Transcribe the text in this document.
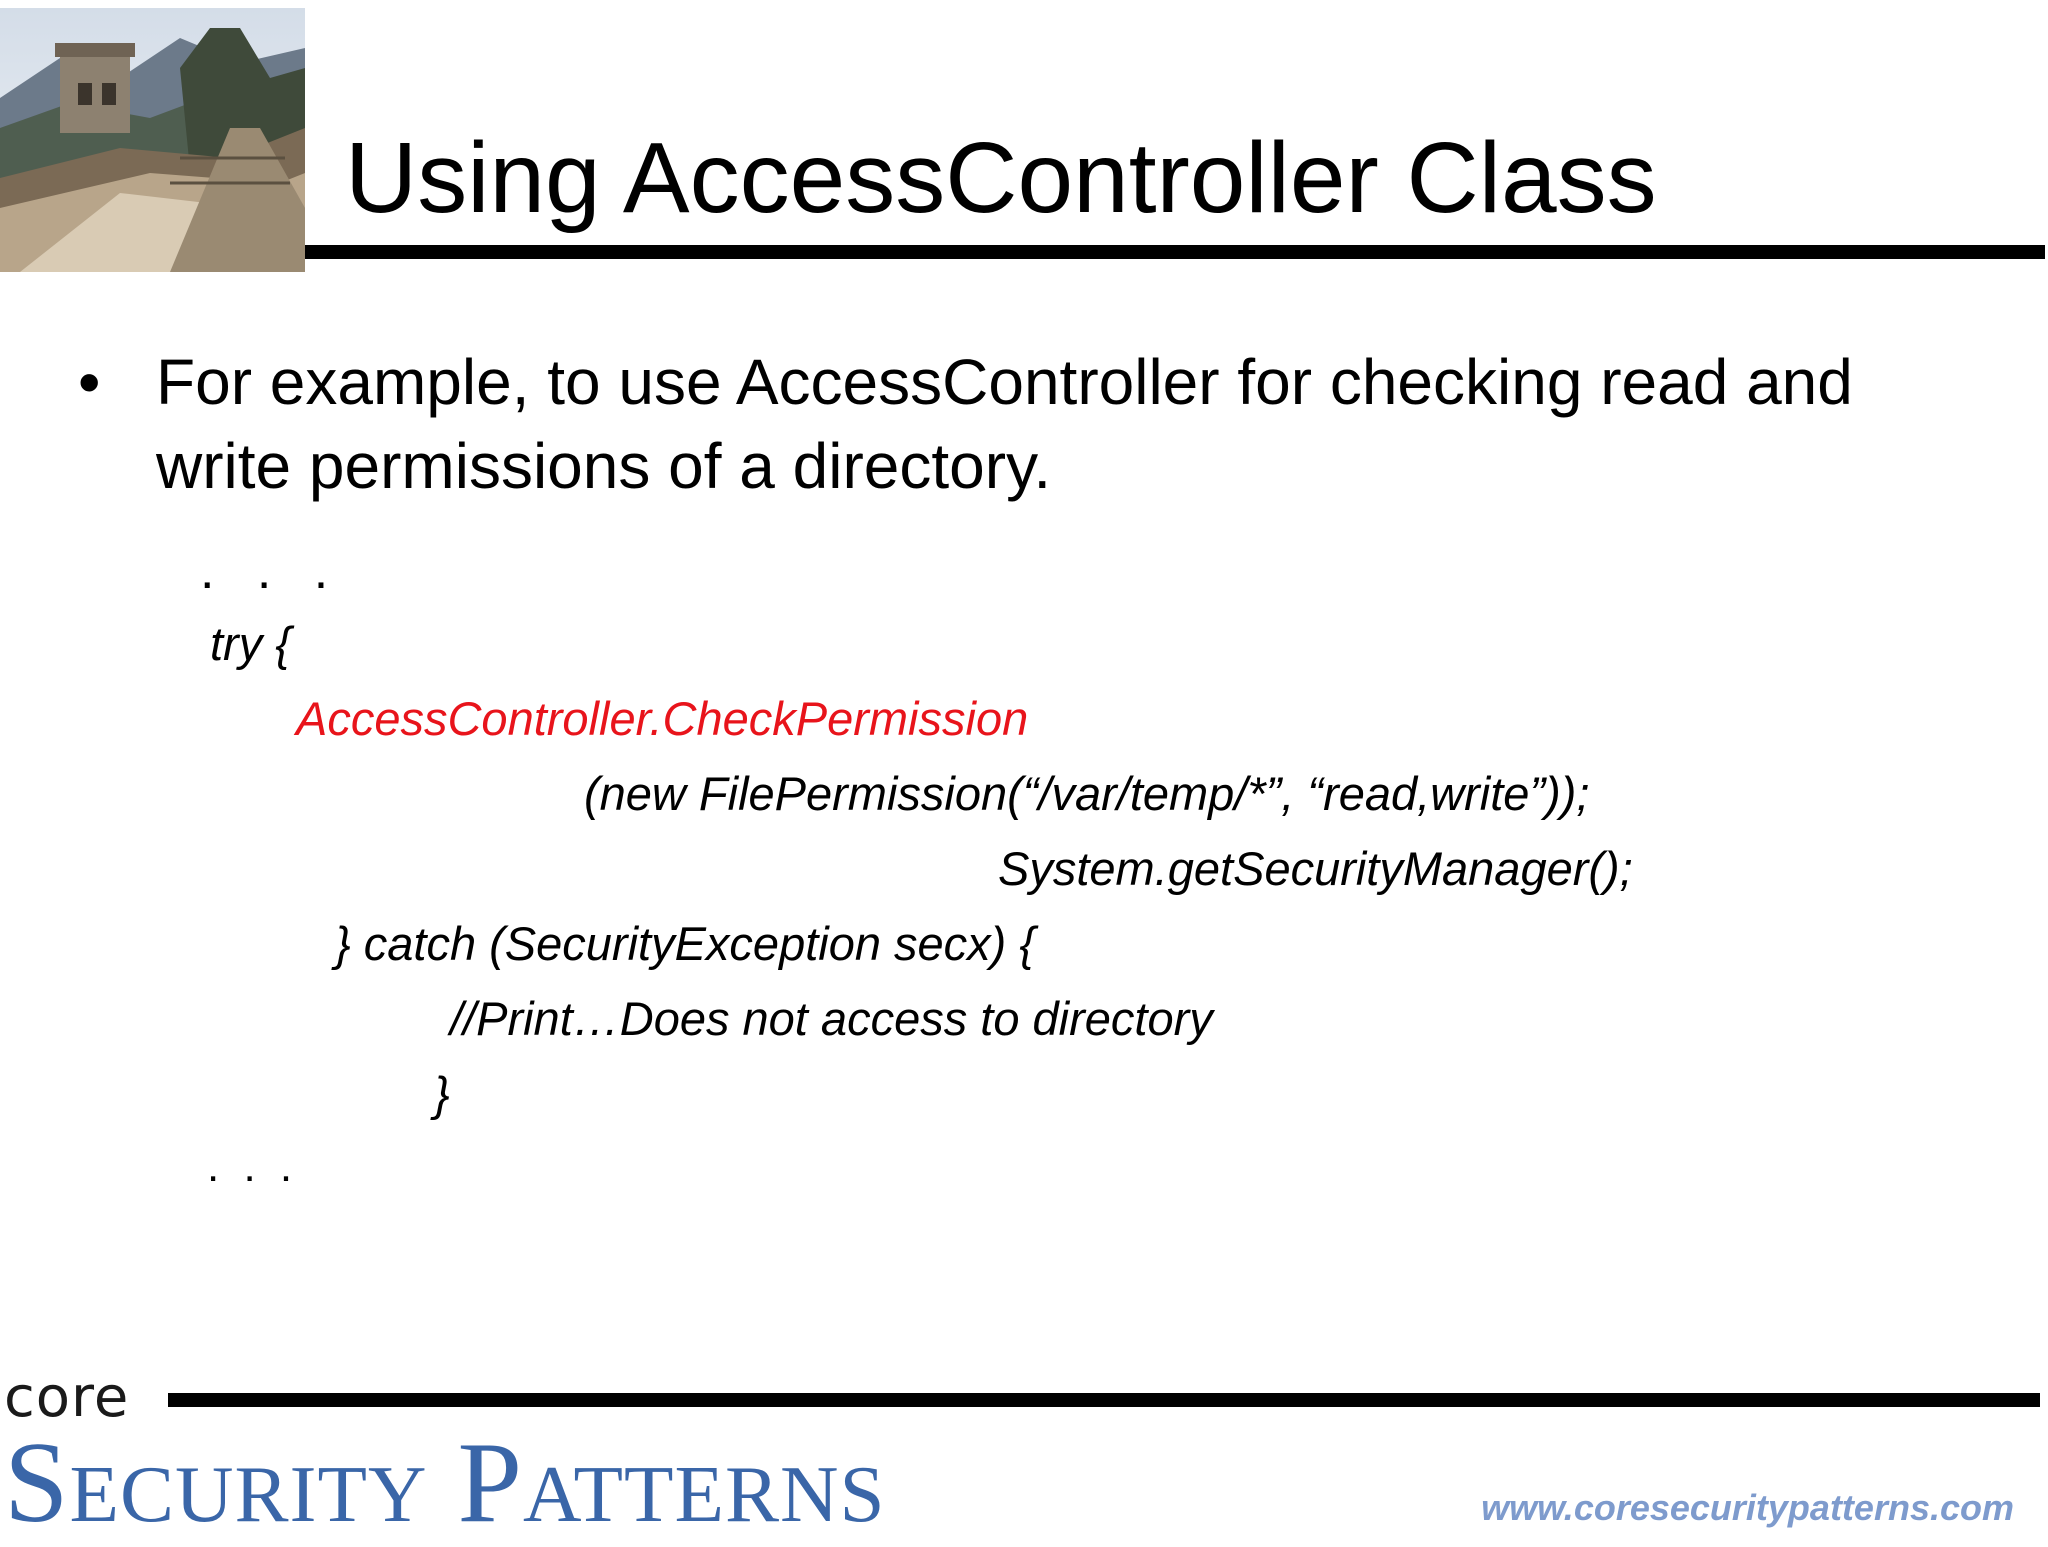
Using AccessController Class
• For example, to use AccessController for checking read and write permissions of a directory.
. . .
try {
AccessController.CheckPermission
(new FilePermission(“/var/temp/*”, “read,write”));
System.getSecurityManager();
} catch (SecurityException secx) {
//Print…Does not access to directory
}
. . .
core
Security Patterns	www.coresecuritypatterns.com
